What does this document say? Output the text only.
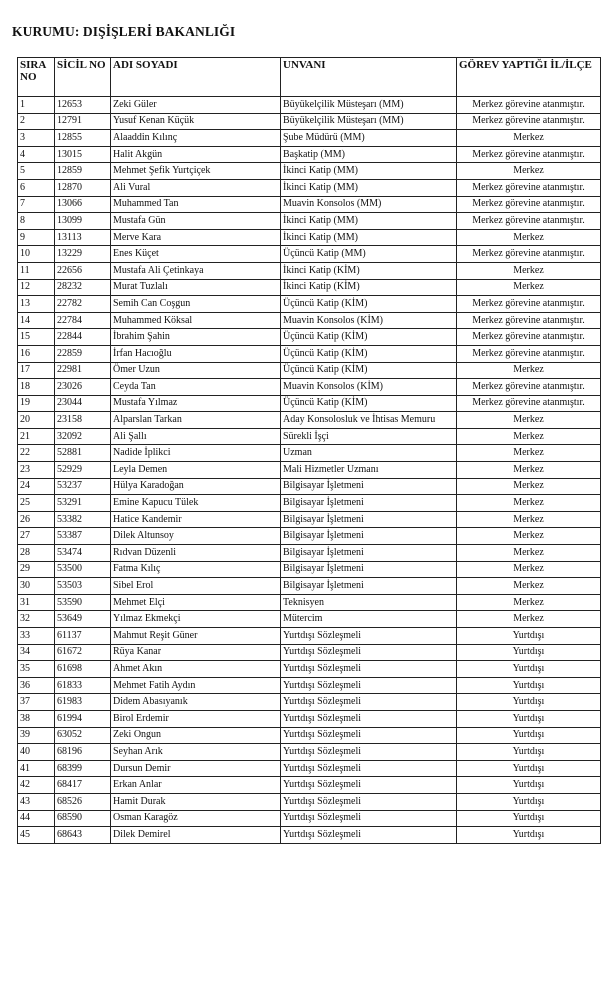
KURUMU: DIŞİŞLERİ BAKANLIĞI
SIRA NO	SİCİL NO	ADI SOYADI	UNVANI	GÖREV YAPTIĞI İL/İLÇE
1	12653	Zeki Güler	Büyükelçilik Müsteşarı (MM)	Merkez görevine atanmıştır.
2	12791	Yusuf Kenan Küçük	Büyükelçilik Müsteşarı (MM)	Merkez görevine atanmıştır.
3	12855	Alaaddin Kılınç	Şube Müdürü (MM)	Merkez
4	13015	Halit Akgün	Başkatip (MM)	Merkez görevine atanmıştır.
5	12859	Mehmet Şefik Yurtçiçek	İkinci Katip (MM)	Merkez
6	12870	Ali Vural	İkinci Katip (MM)	Merkez görevine atanmıştır.
7	13066	Muhammed Tan	Muavin Konsolos (MM)	Merkez görevine atanmıştır.
8	13099	Mustafa Gün	İkinci Katip (MM)	Merkez görevine atanmıştır.
9	13113	Merve Kara	İkinci Katip (MM)	Merkez
10	13229	Enes Küçet	Üçüncü Katip (MM)	Merkez görevine atanmıştır.
11	22656	Mustafa Ali Çetinkaya	İkinci Katip (KİM)	Merkez
12	28232	Murat Tuzlalı	İkinci Katip (KİM)	Merkez
13	22782	Semih Can Coşgun	Üçüncü Katip (KİM)	Merkez görevine atanmıştır.
14	22784	Muhammed Köksal	Muavin Konsolos (KİM)	Merkez görevine atanmıştır.
15	22844	İbrahim Şahin	Üçüncü Katip (KİM)	Merkez görevine atanmıştır.
16	22859	İrfan Hacıoğlu	Üçüncü Katip (KİM)	Merkez görevine atanmıştır.
17	22981	Ömer Uzun	Üçüncü Katip (KİM)	Merkez
18	23026	Ceyda Tan	Muavin Konsolos (KİM)	Merkez görevine atanmıştır.
19	23044	Mustafa Yılmaz	Üçüncü Katip (KİM)	Merkez görevine atanmıştır.
20	23158	Alparslan Tarkan	Aday Konsolosluk ve İhtisas Memuru	Merkez
21	32092	Ali Şallı	Sürekli İşçi	Merkez
22	52881	Nadide İplikci	Uzman	Merkez
23	52929	Leyla Demen	Mali Hizmetler Uzmanı	Merkez
24	53237	Hülya Karadoğan	Bilgisayar İşletmeni	Merkez
25	53291	Emine Kapucu Tülek	Bilgisayar İşletmeni	Merkez
26	53382	Hatice Kandemir	Bilgisayar İşletmeni	Merkez
27	53387	Dilek Altunsoy	Bilgisayar İşletmeni	Merkez
28	53474	Rıdvan Düzenli	Bilgisayar İşletmeni	Merkez
29	53500	Fatma Kılıç	Bilgisayar İşletmeni	Merkez
30	53503	Sibel Erol	Bilgisayar İşletmeni	Merkez
31	53590	Mehmet Elçi	Teknisyen	Merkez
32	53649	Yılmaz Ekmekçi	Mütercim	Merkez
33	61137	Mahmut Reşit Güner	Yurtdışı Sözleşmeli	Yurtdışı
34	61672	Rüya Kanar	Yurtdışı Sözleşmeli	Yurtdışı
35	61698	Ahmet Akın	Yurtdışı Sözleşmeli	Yurtdışı
36	61833	Mehmet Fatih Aydın	Yurtdışı Sözleşmeli	Yurtdışı
37	61983	Didem Abasıyanık	Yurtdışı Sözleşmeli	Yurtdışı
38	61994	Birol Erdemir	Yurtdışı Sözleşmeli	Yurtdışı
39	63052	Zeki Ongun	Yurtdışı Sözleşmeli	Yurtdışı
40	68196	Seyhan Arık	Yurtdışı Sözleşmeli	Yurtdışı
41	68399	Dursun Demir	Yurtdışı Sözleşmeli	Yurtdışı
42	68417	Erkan Anlar	Yurtdışı Sözleşmeli	Yurtdışı
43	68526	Hamit Durak	Yurtdışı Sözleşmeli	Yurtdışı
44	68590	Osman Karagöz	Yurtdışı Sözleşmeli	Yurtdışı
45	68643	Dilek Demirel	Yurtdışı Sözleşmeli	Yurtdışı
